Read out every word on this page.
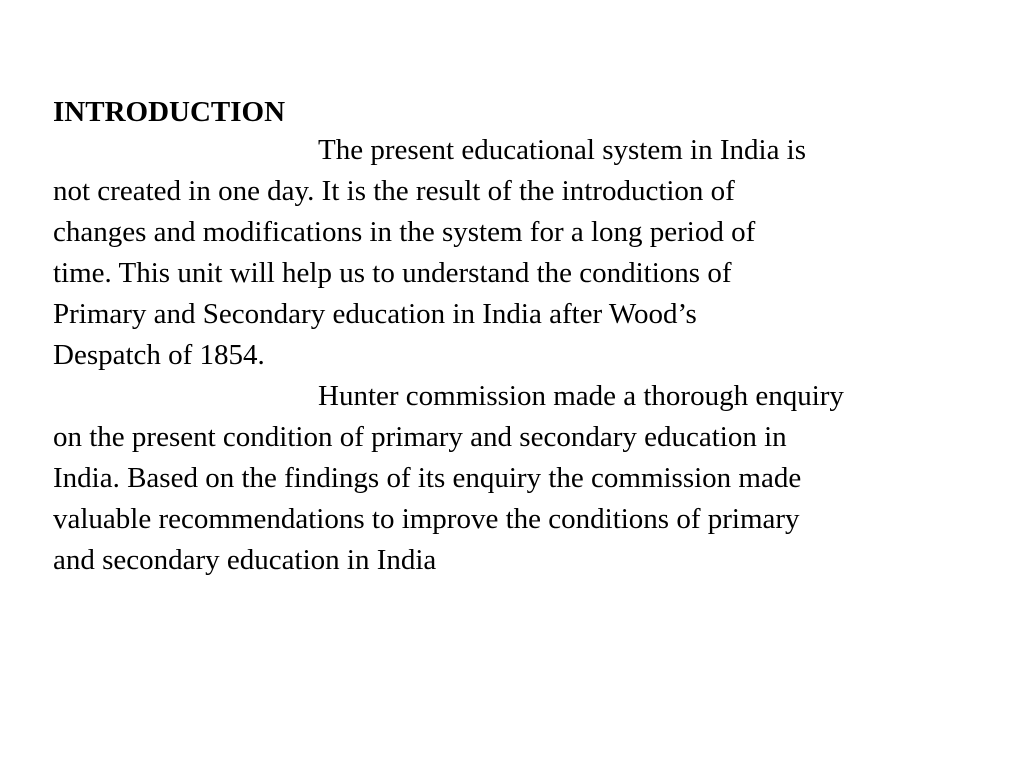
INTRODUCTION

The present educational system in India is
not created in one day. It is the result of the introduction of
changes and modifications in the system for a long period of
time. This unit will help us to understand the conditions of
Primary and Secondary education in India after Wood’s
Despatch of 1854.

Hunter commission made a thorough enquiry
on the present condition of primary and secondary education in
India. Based on the findings of its enquiry the commission made
valuable recommendations to improve the conditions of primary
and secondary education in India
